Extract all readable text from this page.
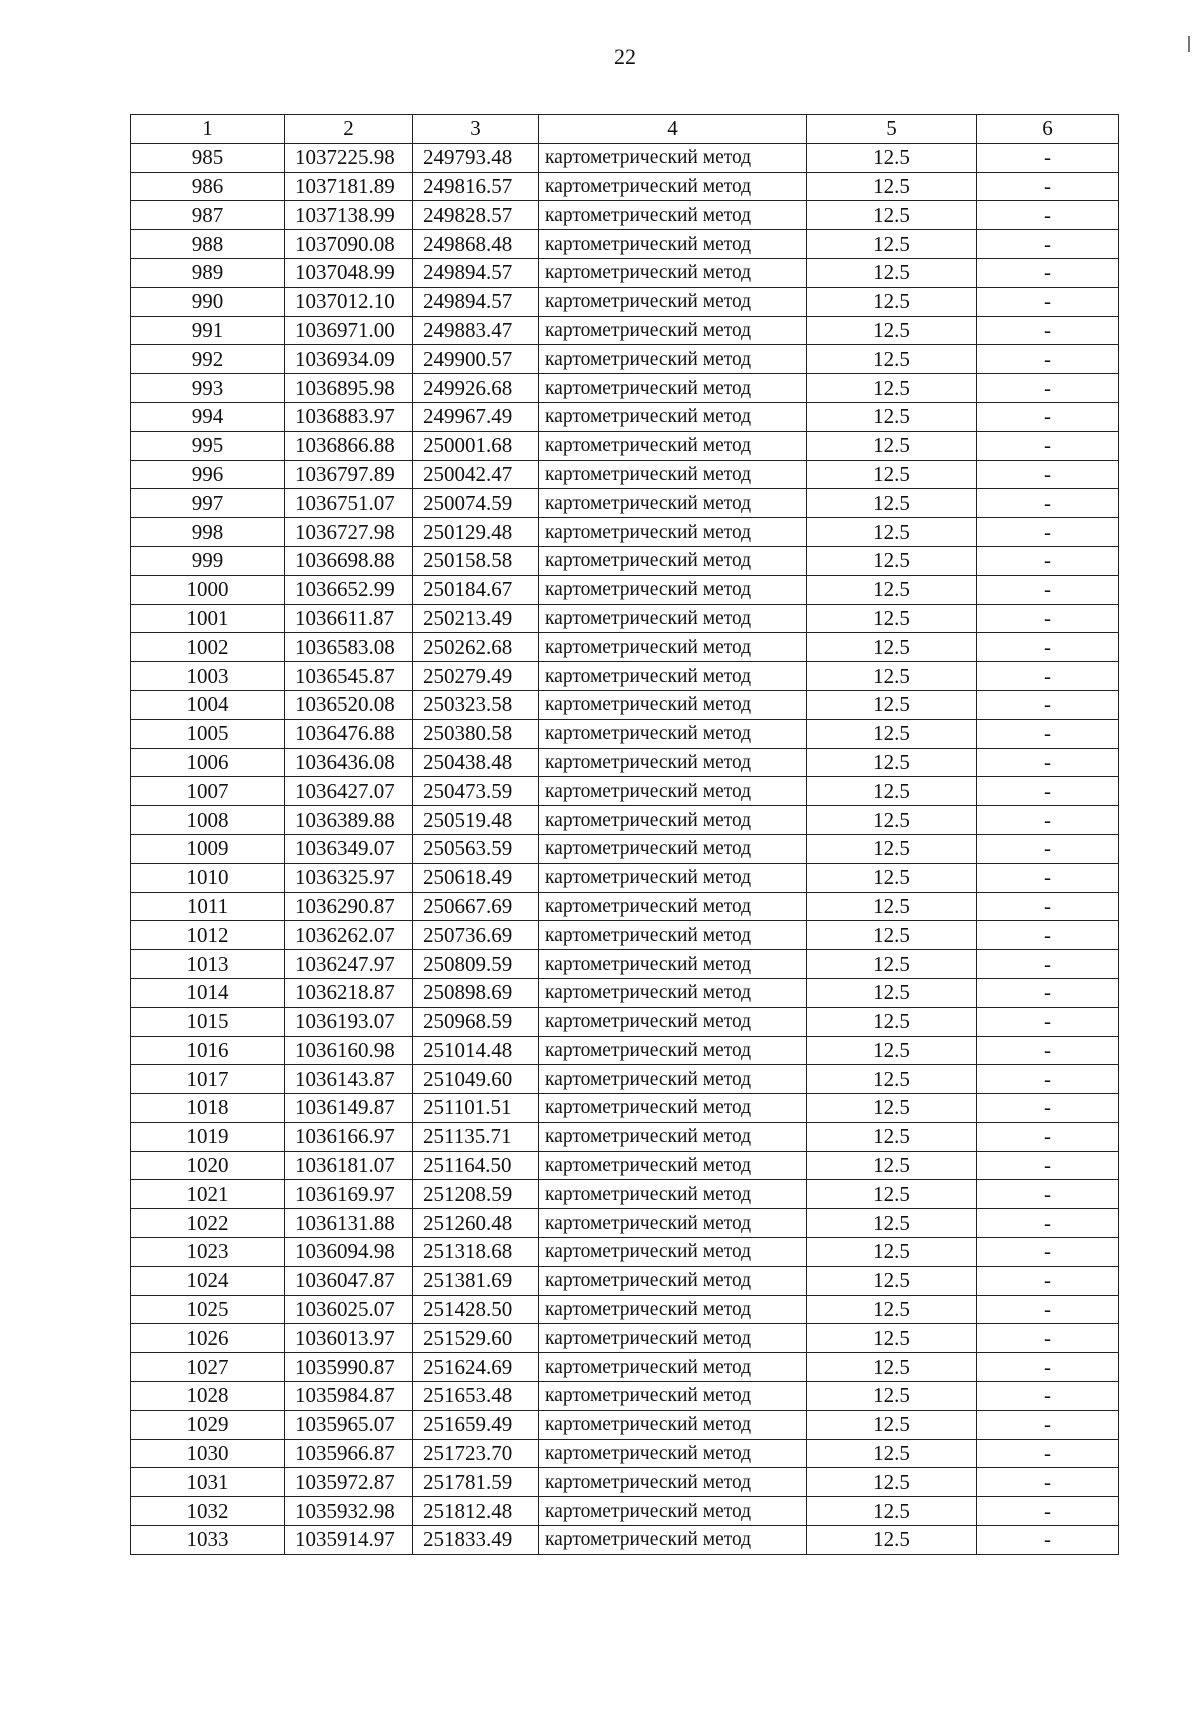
22
1	2	3	4	5	6
985	1037225.98	249793.48	картометрический метод	12.5	-
986	1037181.89	249816.57	картометрический метод	12.5	-
987	1037138.99	249828.57	картометрический метод	12.5	-
988	1037090.08	249868.48	картометрический метод	12.5	-
989	1037048.99	249894.57	картометрический метод	12.5	-
990	1037012.10	249894.57	картометрический метод	12.5	-
991	1036971.00	249883.47	картометрический метод	12.5	-
992	1036934.09	249900.57	картометрический метод	12.5	-
993	1036895.98	249926.68	картометрический метод	12.5	-
994	1036883.97	249967.49	картометрический метод	12.5	-
995	1036866.88	250001.68	картометрический метод	12.5	-
996	1036797.89	250042.47	картометрический метод	12.5	-
997	1036751.07	250074.59	картометрический метод	12.5	-
998	1036727.98	250129.48	картометрический метод	12.5	-
999	1036698.88	250158.58	картометрический метод	12.5	-
1000	1036652.99	250184.67	картометрический метод	12.5	-
1001	1036611.87	250213.49	картометрический метод	12.5	-
1002	1036583.08	250262.68	картометрический метод	12.5	-
1003	1036545.87	250279.49	картометрический метод	12.5	-
1004	1036520.08	250323.58	картометрический метод	12.5	-
1005	1036476.88	250380.58	картометрический метод	12.5	-
1006	1036436.08	250438.48	картометрический метод	12.5	-
1007	1036427.07	250473.59	картометрический метод	12.5	-
1008	1036389.88	250519.48	картометрический метод	12.5	-
1009	1036349.07	250563.59	картометрический метод	12.5	-
1010	1036325.97	250618.49	картометрический метод	12.5	-
1011	1036290.87	250667.69	картометрический метод	12.5	-
1012	1036262.07	250736.69	картометрический метод	12.5	-
1013	1036247.97	250809.59	картометрический метод	12.5	-
1014	1036218.87	250898.69	картометрический метод	12.5	-
1015	1036193.07	250968.59	картометрический метод	12.5	-
1016	1036160.98	251014.48	картометрический метод	12.5	-
1017	1036143.87	251049.60	картометрический метод	12.5	-
1018	1036149.87	251101.51	картометрический метод	12.5	-
1019	1036166.97	251135.71	картометрический метод	12.5	-
1020	1036181.07	251164.50	картометрический метод	12.5	-
1021	1036169.97	251208.59	картометрический метод	12.5	-
1022	1036131.88	251260.48	картометрический метод	12.5	-
1023	1036094.98	251318.68	картометрический метод	12.5	-
1024	1036047.87	251381.69	картометрический метод	12.5	-
1025	1036025.07	251428.50	картометрический метод	12.5	-
1026	1036013.97	251529.60	картометрический метод	12.5	-
1027	1035990.87	251624.69	картометрический метод	12.5	-
1028	1035984.87	251653.48	картометрический метод	12.5	-
1029	1035965.07	251659.49	картометрический метод	12.5	-
1030	1035966.87	251723.70	картометрический метод	12.5	-
1031	1035972.87	251781.59	картометрический метод	12.5	-
1032	1035932.98	251812.48	картометрический метод	12.5	-
1033	1035914.97	251833.49	картометрический метод	12.5	-
